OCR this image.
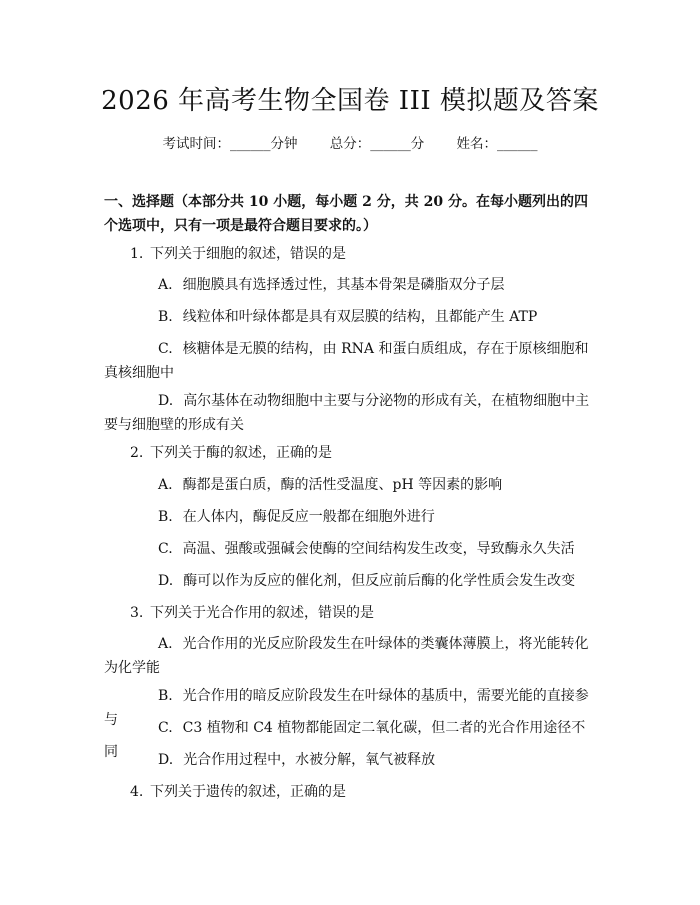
2026 年高考生物全国卷 III 模拟题及答案
考试时间：______分钟 总分：______分 姓名：______
一、选择题（本部分共 10 小题，每小题 2 分，共 20 分。在每小题列出的四个选项中，只有一项是最符合题目要求的。）
1. 下列关于细胞的叙述，错误的是
A. 细胞膜具有选择透过性，其基本骨架是磷脂双分子层
B. 线粒体和叶绿体都是具有双层膜的结构，且都能产生 ATP
C. 核糖体是无膜的结构，由 RNA 和蛋白质组成，存在于原核细胞和真核细胞中
D. 高尔基体在动物细胞中主要与分泌物的形成有关，在植物细胞中主要与细胞壁的形成有关
2. 下列关于酶的叙述，正确的是
A. 酶都是蛋白质，酶的活性受温度、pH 等因素的影响
B. 在人体内，酶促反应一般都在细胞外进行
C. 高温、强酸或强碱会使酶的空间结构发生改变，导致酶永久失活
D. 酶可以作为反应的催化剂，但反应前后酶的化学性质会发生改变
3. 下列关于光合作用的叙述，错误的是
A. 光合作用的光反应阶段发生在叶绿体的类囊体薄膜上，将光能转化为化学能
B. 光合作用的暗反应阶段发生在叶绿体的基质中，需要光能的直接参与	C. C3 植物和 C4 植物都能固定二氧化碳，但二者的光合作用途径不同	D. 光合作用过程中，水被分解，氧气被释放
4. 下列关于遗传的叙述，正确的是
